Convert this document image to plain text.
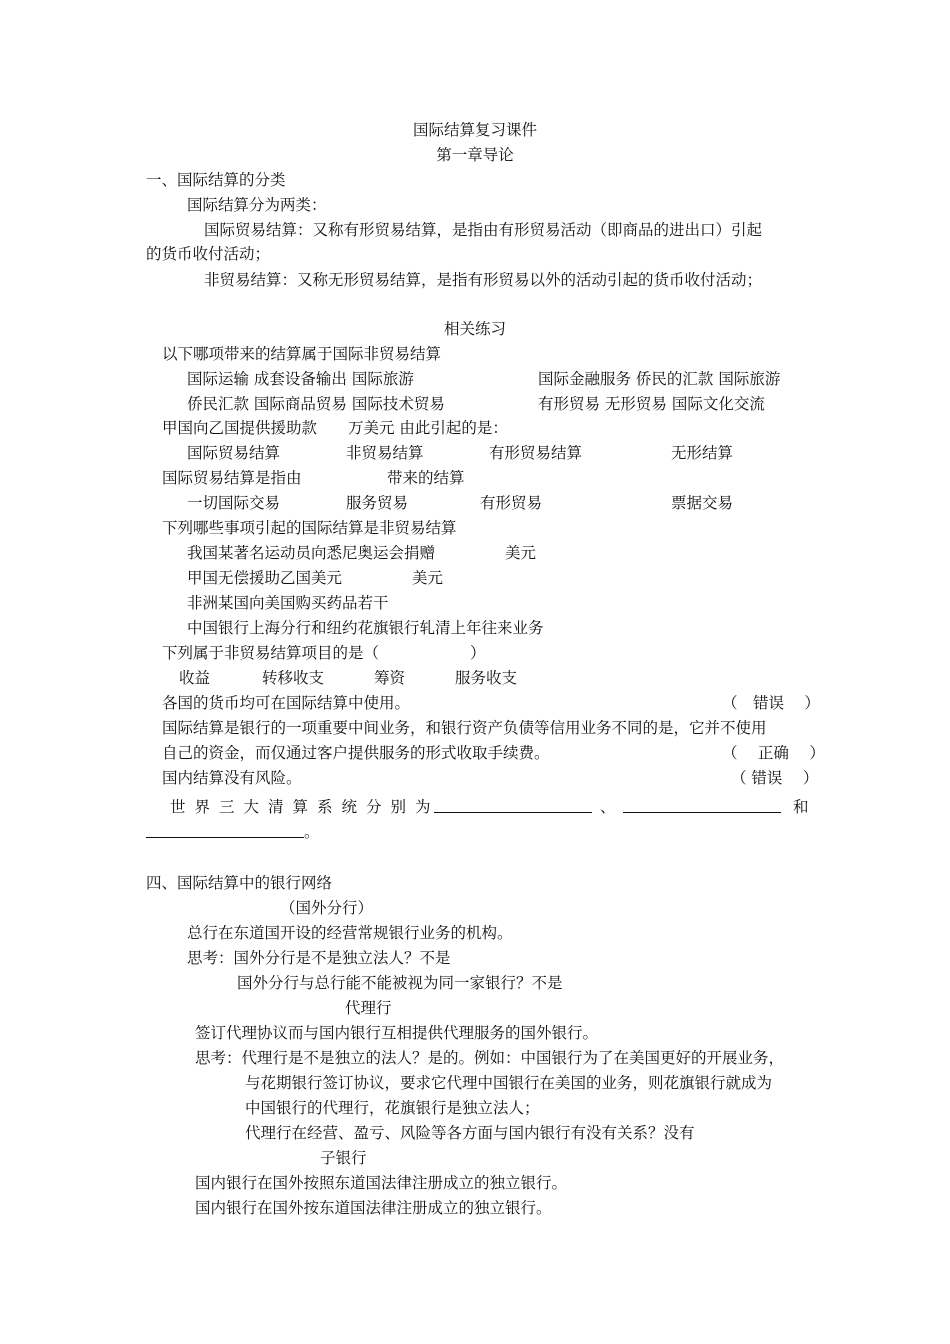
国际结算复习课件
第一章导论
一、国际结算的分类
国际结算分为两类：
国际贸易结算：又称有形贸易结算，是指由有形贸易活动（即商品的进出口）引起
的货币收付活动；
非贸易结算：又称无形贸易结算，是指有形贸易以外的活动引起的货币收付活动；
相关练习
以下哪项带来的结算属于国际非贸易结算
国际运输 成套设备输出 国际旅游	国际金融服务 侨民的汇款 国际旅游
侨民汇款 国际商品贸易 国际技术贸易	有形贸易 无形贸易 国际文化交流
甲国向乙国提供援助款 万美元 由此引起的是：
国际贸易结算	非贸易结算	有形贸易结算	无形结算
国际贸易结算是指由	带来的结算
一切国际交易	服务贸易	有形贸易	票据交易
下列哪些事项引起的国际结算是非贸易结算
我国某著名运动员向悉尼奥运会捐赠	美元
甲国无偿援助乙国美元	美元
非洲某国向美国购买药品若干
中国银行上海分行和纽约花旗银行轧清上年往来业务
下列属于非贸易结算项目的是（	）
收益	转移收支	筹资	服务收支
各国的货币均可在国际结算中使用。	（　错误　 ）
国际结算是银行的一项重要中间业务，和银行资产负债等信用业务不同的是，它并不使用
自己的资金，而仅通过客户提供服务的形式收取手续费。	（　 正确　 ）
国内结算没有风险。	（ 错误　 ）
世界三大清算系统分别为	、	和
。
四、国际结算中的银行网络
（国外分行）
总行在东道国开设的经营常规银行业务的机构。
思考：国外分行是不是独立法人？不是
国外分行与总行能不能被视为同一家银行？不是
代理行
签订代理协议而与国内银行互相提供代理服务的国外银行。
思考：代理行是不是独立的法人？是的。例如：中国银行为了在美国更好的开展业务，
与花期银行签订协议，要求它代理中国银行在美国的业务，则花旗银行就成为
中国银行的代理行，花旗银行是独立法人；
代理行在经营、盈亏、风险等各方面与国内银行有没有关系？没有
子银行
国内银行在国外按照东道国法律注册成立的独立银行。
国内银行在国外按东道国法律注册成立的独立银行。
